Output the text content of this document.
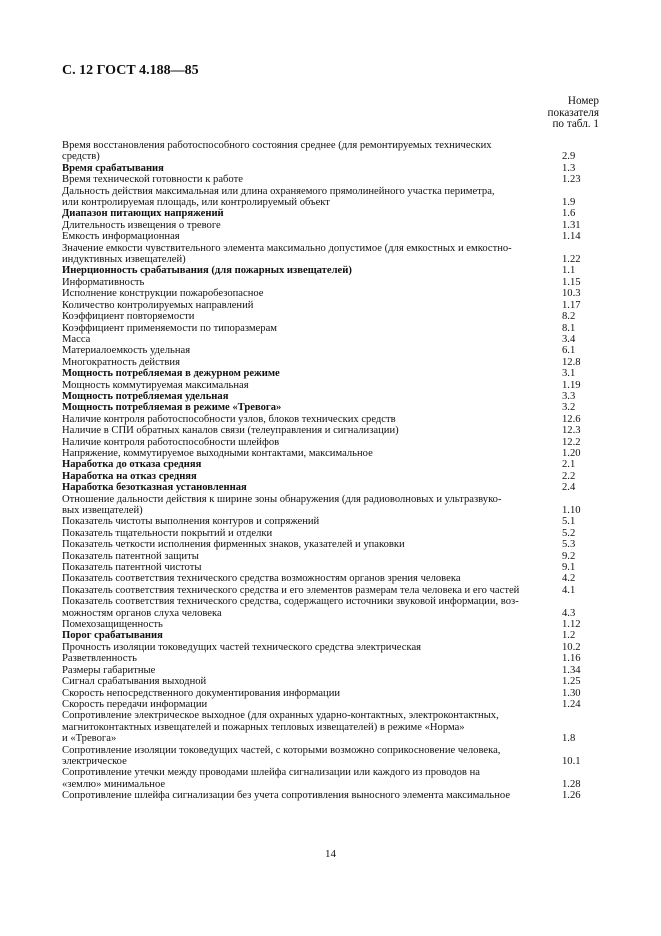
С. 12 ГОСТ 4.188—85
Номер
показателя
по табл. 1
Время восстановления работоспособного состояния среднее (для ремонтируемых технических
средств)	2.9
Время срабатывания	1.3
Время технической готовности к работе	1.23
Дальность действия максимальная или длина охраняемого прямолинейного участка периметра,
или контролируемая площадь, или контролируемый объект	1.9
Диапазон питающих напряжений	1.6
Длительность извещения о тревоге	1.31
Емкость информационная	1.14
Значение емкости чувствительного элемента максимально допустимое (для емкостных и емкостно-
индуктивных извещателей)	1.22
Инерционность срабатывания (для пожарных извещателей)	1.1
Информативность	1.15
Исполнение конструкции пожаробезопасное	10.3
Количество контролируемых направлений	1.17
Коэффициент повторяемости	8.2
Коэффициент применяемости по типоразмерам	8.1
Масса	3.4
Материалоемкость удельная	6.1
Многократность действия	12.8
Мощность потребляемая в дежурном режиме	3.1
Мощность коммутируемая максимальная	1.19
Мощность потребляемая удельная	3.3
Мощность потребляемая в режиме «Тревога»	3.2
Наличие контроля работоспособности узлов, блоков технических средств	12.6
Наличие в СПИ обратных каналов связи (телеуправления и сигнализации)	12.3
Наличие контроля работоспособности шлейфов	12.2
Напряжение, коммутируемое выходными контактами, максимальное	1.20
Наработка до отказа средняя	2.1
Наработка на отказ средняя	2.2
Наработка безотказная установленная	2.4
Отношение дальности действия к ширине зоны обнаружения (для радиоволновых и ультразвуко-
вых извещателей)	1.10
Показатель чистоты выполнения контуров и сопряжений	5.1
Показатель тщательности покрытий и отделки	5.2
Показатель четкости исполнения фирменных знаков, указателей и упаковки	5.3
Показатель патентной защиты	9.2
Показатель патентной чистоты	9.1
Показатель соответствия технического средства возможностям органов зрения человека	4.2
Показатель соответствия технического средства и его элементов размерам тела человека и его частей	4.1
Показатель соответствия технического средства, содержащего источники звуковой информации, воз-
можностям органов слуха человека	4.3
Помехозащищенность	1.12
Порог срабатывания	1.2
Прочность изоляции токоведущих частей технического средства электрическая	10.2
Разветвленность	1.16
Размеры габаритные	1.34
Сигнал срабатывания выходной	1.25
Скорость непосредственного документирования информации	1.30
Скорость передачи информации	1.24
Сопротивление электрическое выходное (для охранных ударно-контактных, электроконтактных,
магнитоконтактных извещателей и пожарных тепловых извещателей) в режиме «Норма»
и «Тревога»	1.8
Сопротивление изоляции токоведущих частей, с которыми возможно соприкосновение человека,
электрическое	10.1
Сопротивление утечки между проводами шлейфа сигнализации или каждого из проводов на
«землю» минимальное	1.28
Сопротивление шлейфа сигнализации без учета сопротивления выносного элемента максимальное	1.26
14
